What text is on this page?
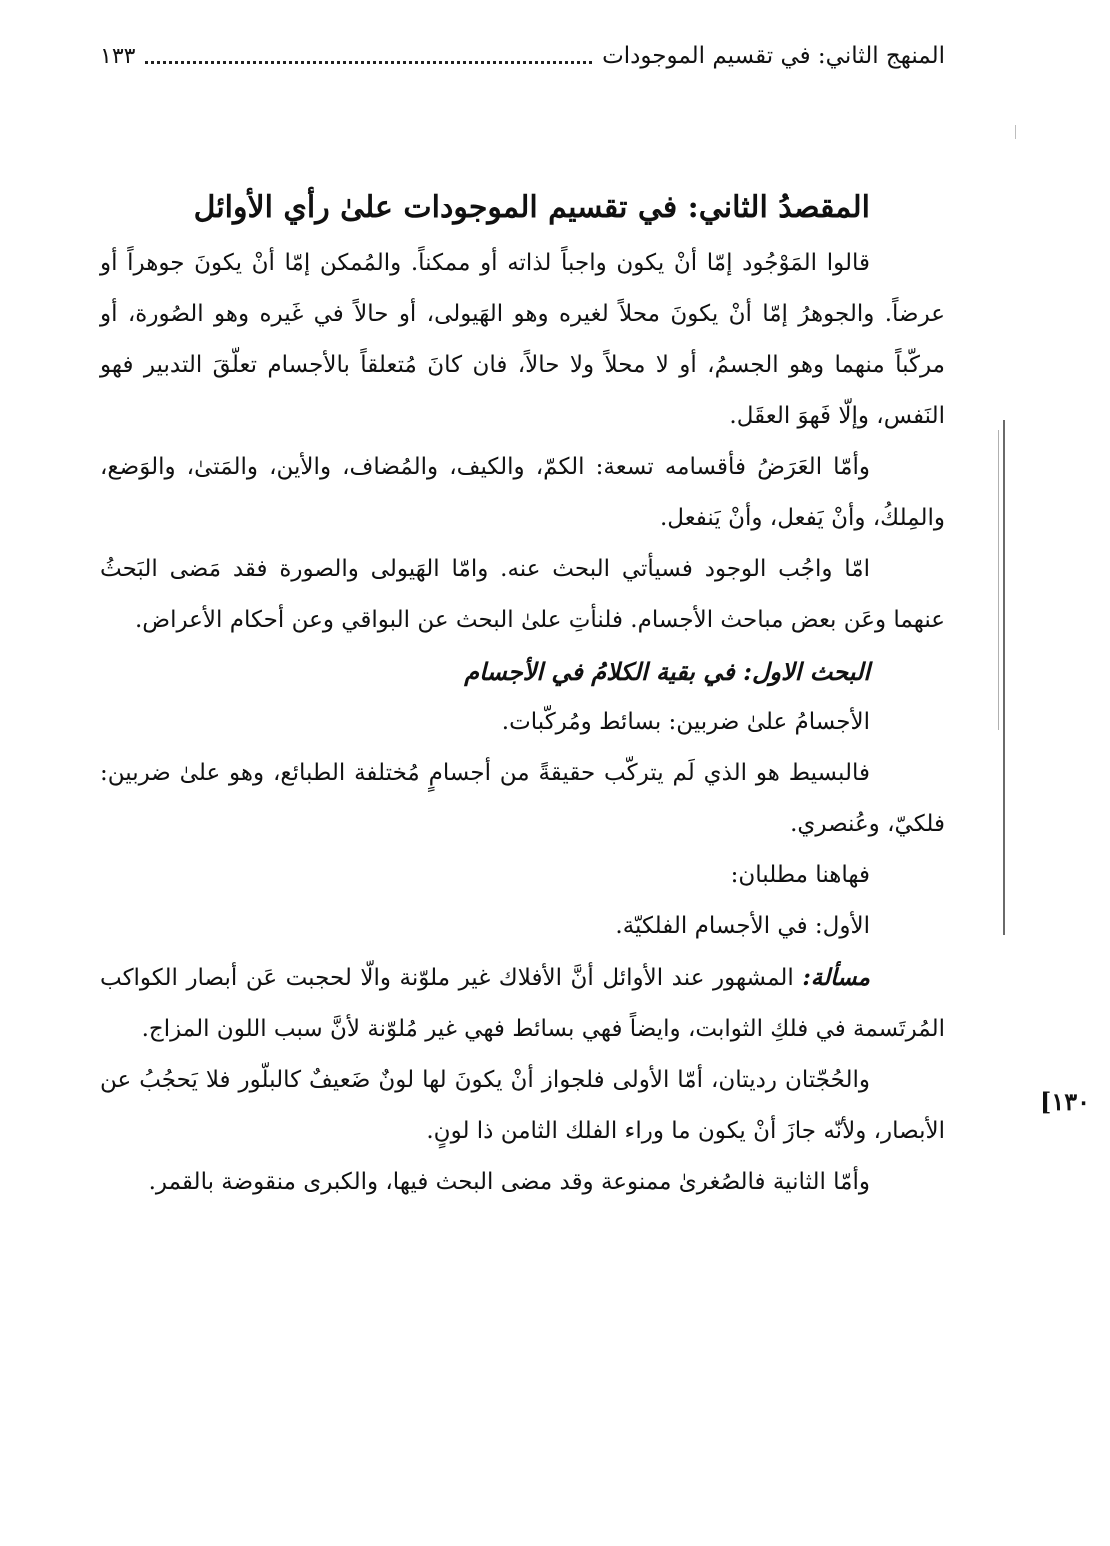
المنهج الثاني: في تقسيم الموجودات
١٣٣
المقصدُ الثاني: في تقسيم الموجودات علىٰ رأي الأوائل

قالوا المَوْجُود إمّا أنْ يكون واجباً لذاته أو ممكناً. والمُمكن إمّا أنْ يكونَ جوهراً أو عرضاً. والجوهرُ إمّا أنْ يكونَ محلاً لغيره وهو الهَيولى، أو حالاً في غَيره وهو الصُورة، أو مركّباً منهما وهو الجسمُ، أو لا محلاً ولا حالاً، فان كانَ مُتعلقاً بالأجسام تعلّقَ التدبير فهو النَفس، وإلّا فَهوَ العقَل.

وأمّا العَرَضُ فأقسامه تسعة: الكمّ، والكيف، والمُضاف، والأين، والمَتىٰ، والوَضع، والمِلكُ، وأنْ يَفعل، وأنْ يَنفعل.

امّا واجُب الوجود فسيأتي البحث عنه. وامّا الهَيولى والصورة فقد مَضى البَحثُ عنهما وعَن بعض مباحث الأجسام. فلنأتِ علىٰ البحث عن البواقي وعن أحكام الأعراض.

البحث الاول: في بقية الكلامُ في الأجسام

الأجسامُ علىٰ ضربين: بسائط ومُركّبات.

فالبسيط هو الذي لَم يتركّب حقيقةً من أجسامٍ مُختلفة الطبائع، وهو علىٰ ضربين: فلكيّ، وعُنصري.

فهاهنا مطلبان:

الأول: في الأجسام الفلكيّة.

مسألة: المشهور عند الأوائل أنَّ الأفلاك غير ملوّنة والّا لحجبت عَن أبصار الكواكب المُرتَسمة في فلكِ الثوابت، وايضاً فهي بسائط فهي غير مُلوّنة لأنَّ سبب اللون المزاج.

والحُجّتان رديتان، أمّا الأولى فلجواز أنْ يكونَ لها لونٌ ضَعيفٌ كالبلّور فلا يَحجُبُ عن الأبصار، ولأنّه جازَ أنْ يكون ما وراء الفلك الثامن ذا لونٍ.

وأمّا الثانية فالصُغرىٰ ممنوعة وقد مضى البحث فيها، والكبرى منقوضة بالقمر.

١٣٠]
